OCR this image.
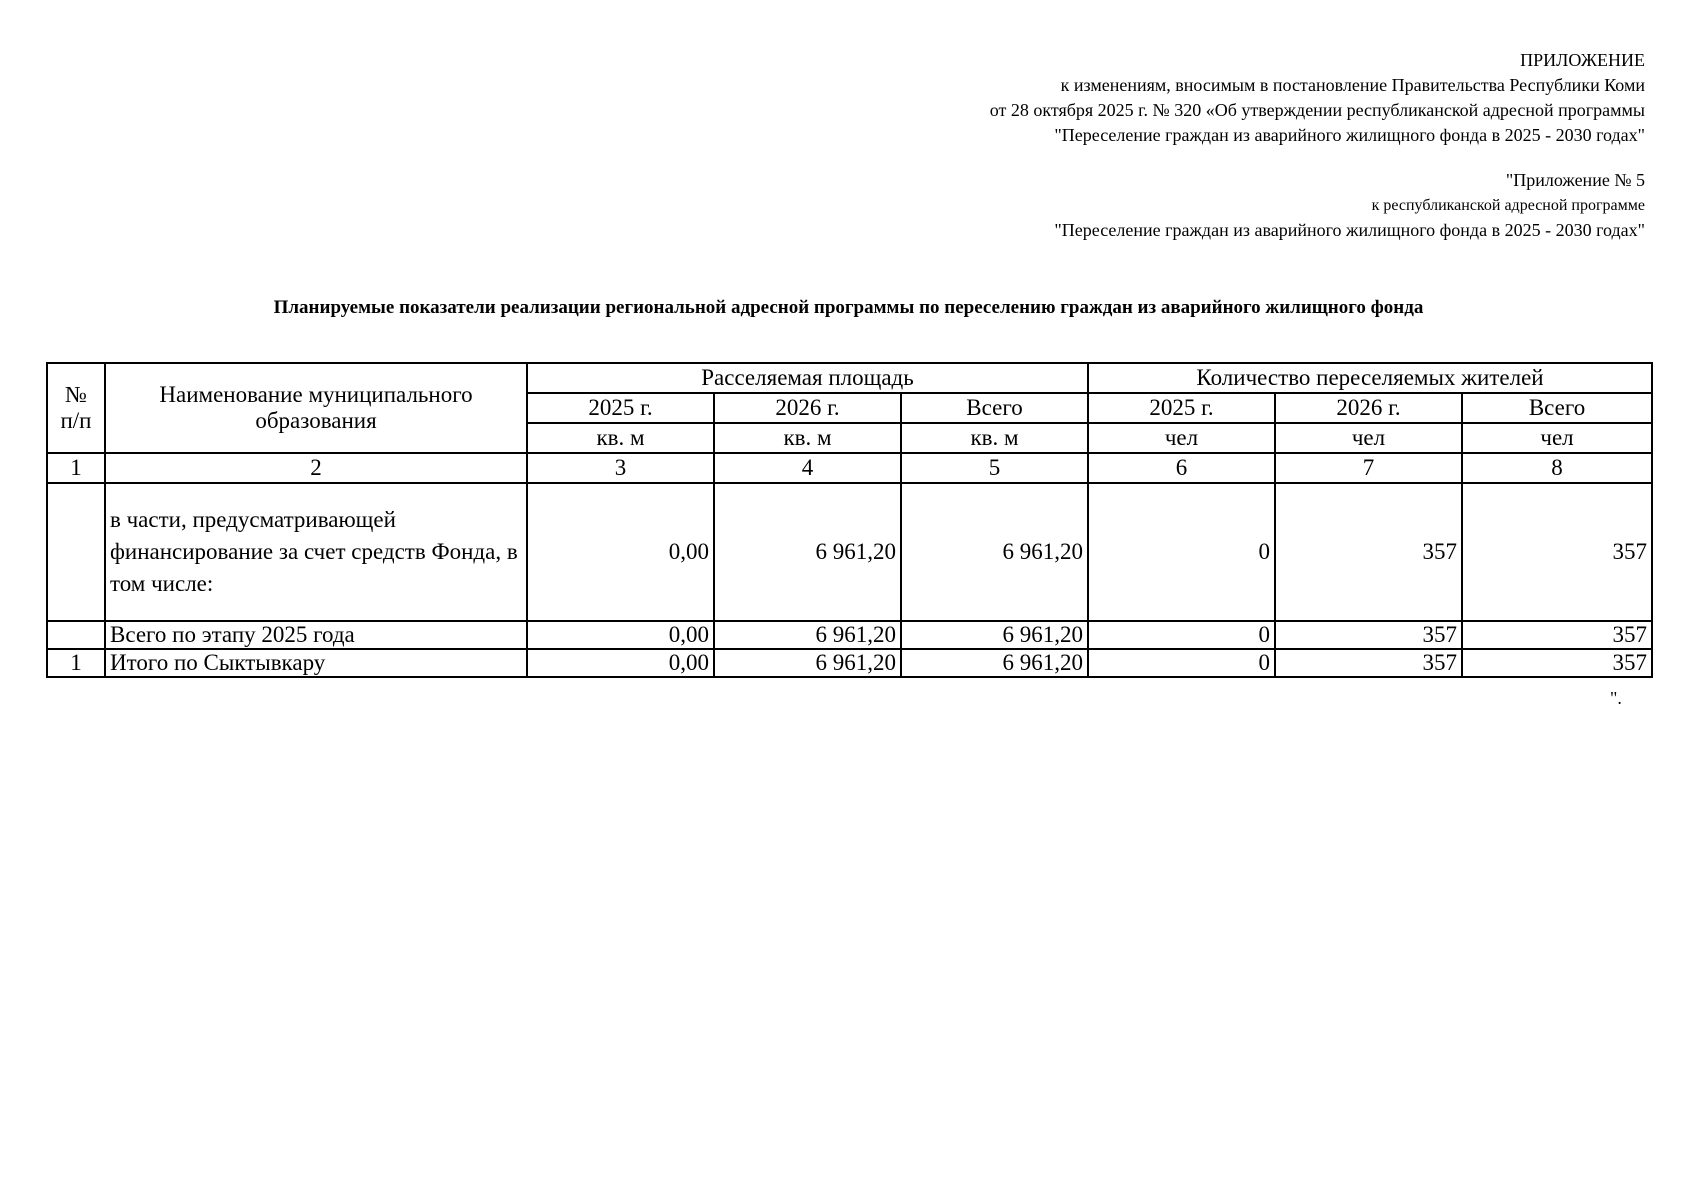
ПРИЛОЖЕНИЕ
к изменениям, вносимым в постановление Правительства Республики Коми
от 28 октября 2025 г. № 320 «Об утверждении республиканской адресной программы
"Переселение граждан из аварийного жилищного фонда в 2025 - 2030 годах"
"Приложение № 5
к республиканской адресной программе
"Переселение граждан из аварийного жилищного фонда в 2025 - 2030 годах"
Планируемые показатели реализации региональной адресной программы по переселению граждан из аварийного жилищного фонда
№
п/п	Наименование муниципального образования	Расселяемая площадь			Количество переселяемых жителей		
		2025 г.	2026 г.	Всего	2025 г.	2026 г.	Всего
		кв. м	кв. м	кв. м	чел	чел	чел
1	2	3	4	5	6	7	8
	в части, предусматривающей финансирование за счет средств Фонда, в том числе:	0,00	6 961,20	6 961,20	0	357	357
	Всего по этапу 2025 года	0,00	6 961,20	6 961,20	0	357	357
1	Итого по Сыктывкару	0,00	6 961,20	6 961,20	0	357	357
".
